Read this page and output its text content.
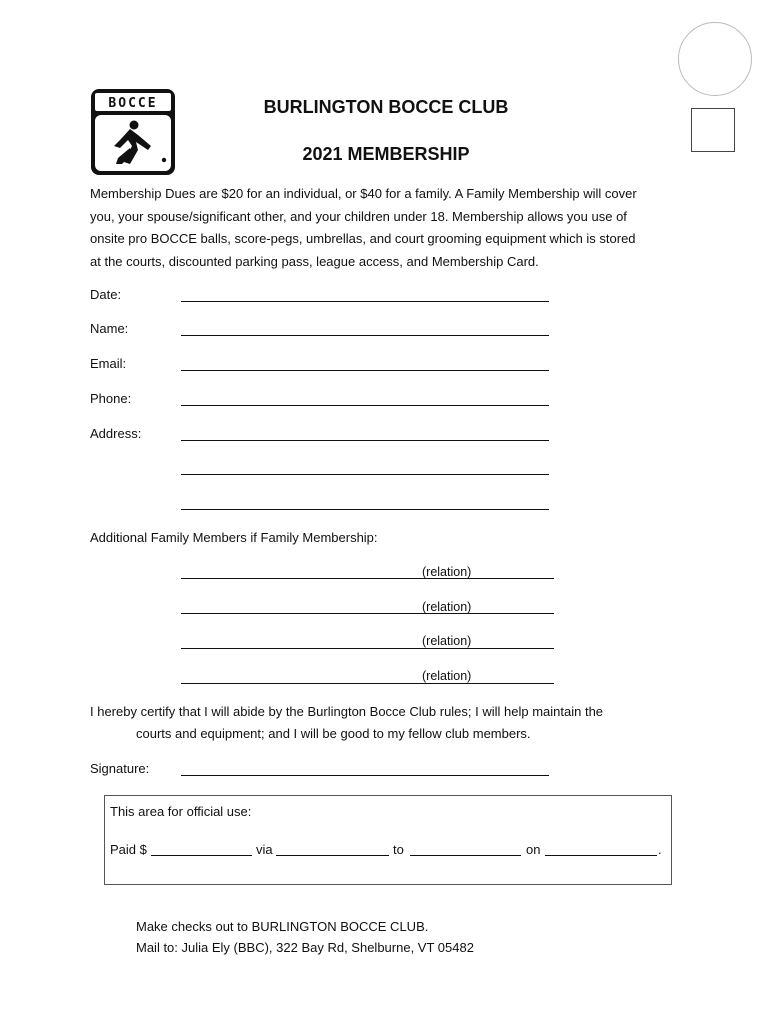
BOCCE	BURLINGTON BOCCE CLUB
2021 MEMBERSHIP
Membership Dues are $20 for an individual, or $40 for a family. A Family Membership will cover
you, your spouse/significant other, and your children under 18. Membership allows you use of
onsite pro BOCCE balls, score-pegs, umbrellas, and court grooming equipment which is stored
at the courts, discounted parking pass, league access, and Membership Card.
Date:
Name:
Email:
Phone:
Address:
Additional Family Members if Family Membership:
(relation)
(relation)
(relation)
(relation)
I hereby certify that I will abide by the Burlington Bocce Club rules; I will help maintain the
courts and equipment; and I will be good to my fellow club members.
Signature:
This area for official use:
Paid $	via	to	on	.
Make checks out to BURLINGTON BOCCE CLUB.
Mail to: Julia Ely (BBC), 322 Bay Rd, Shelburne, VT 05482
